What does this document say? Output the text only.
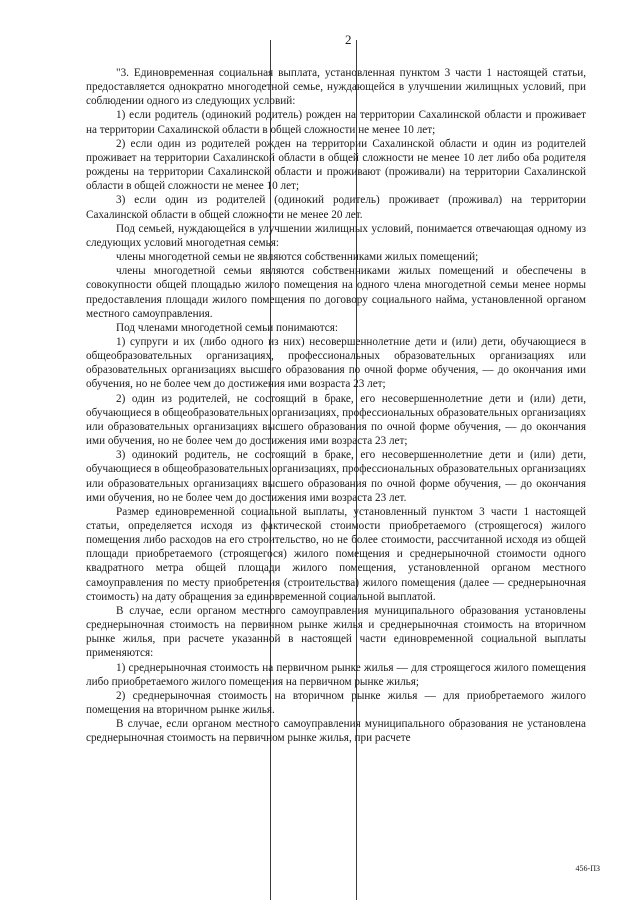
2

"3. Единовременная социальная выплата, установленная пунктом 3 части 1 настоящей статьи, предоставляется однократно многодетной семье, нуждающейся в улучшении жилищных условий, при соблюдении одного из следующих условий:

1) если родитель (одинокий родитель) рожден на территории Сахалинской области и проживает на территории Сахалинской области в общей сложности не менее 10 лет;

2) если один из родителей рожден на территории Сахалинской области и один из родителей проживает на территории Сахалинской области в общей сложности не менее 10 лет либо оба родителя рождены на территории Сахалинской области и проживают (проживали) на территории Сахалинской области в общей сложности не менее 10 лет;

3) если один из родителей (одинокий родитель) проживает (проживал) на территории Сахалинской области в общей сложности не менее 20 лет.

Под семьей, нуждающейся в улучшении жилищных условий, понимается отвечающая одному из следующих условий многодетная семья:

члены многодетной семьи не являются собственниками жилых помещений;

члены многодетной семьи являются собственниками жилых помещений и обеспечены в совокупности общей площадью жилого помещения на одного члена многодетной семьи менее нормы предоставления площади жилого помещения по договору социального найма, установленной органом местного самоуправления.

Под членами многодетной семьи понимаются:

1) супруги и их (либо одного из них) несовершеннолетние дети и (или) дети, обучающиеся в общеобразовательных организациях, профессиональных образовательных организациях или образовательных организациях высшего образования по очной форме обучения, — до окончания ими обучения, но не более чем до достижения ими возраста 23 лет;

2) один из родителей, не состоящий в браке, его несовершеннолетние дети и (или) дети, обучающиеся в общеобразовательных организациях, профессиональных образовательных организациях или образовательных организациях высшего образования по очной форме обучения, — до окончания ими обучения, но не более чем до достижения ими возраста 23 лет;

3) одинокий родитель, не состоящий в браке, его несовершеннолетние дети и (или) дети, обучающиеся в общеобразовательных организациях, профессиональных образовательных организациях или образовательных организациях высшего образования по очной форме обучения, — до окончания ими обучения, но не более чем до достижения ими возраста 23 лет.

Размер единовременной социальной выплаты, установленный пунктом 3 части 1 настоящей статьи, определяется исходя из фактической стоимости приобретаемого (строящегося) жилого помещения либо расходов на его строительство, но не более стоимости, рассчитанной исходя из общей площади приобретаемого (строящегося) жилого помещения и среднерыночной стоимости одного квадратного метра общей площади жилого помещения, установленной органом местного самоуправления по месту приобретения (строительства) жилого помещения (далее — среднерыночная стоимость) на дату обращения за единовременной социальной выплатой.

В случае, если органом местного самоуправления муниципального образования установлены среднерыночная стоимость на первичном рынке жилья и среднерыночная стоимость на вторичном рынке жилья, при расчете указанной в настоящей части единовременной социальной выплаты применяются:

1) среднерыночная стоимость на первичном рынке жилья — для строящегося жилого помещения либо приобретаемого жилого помещения на первичном рынке жилья;

2) среднерыночная стоимость на вторичном рынке жилья — для приобретаемого жилого помещения на вторичном рынке жилья.

В случае, если органом местного самоуправления муниципального образования не установлена среднерыночная стоимость на первичном рынке жилья, при расчете

456-ПЗ
